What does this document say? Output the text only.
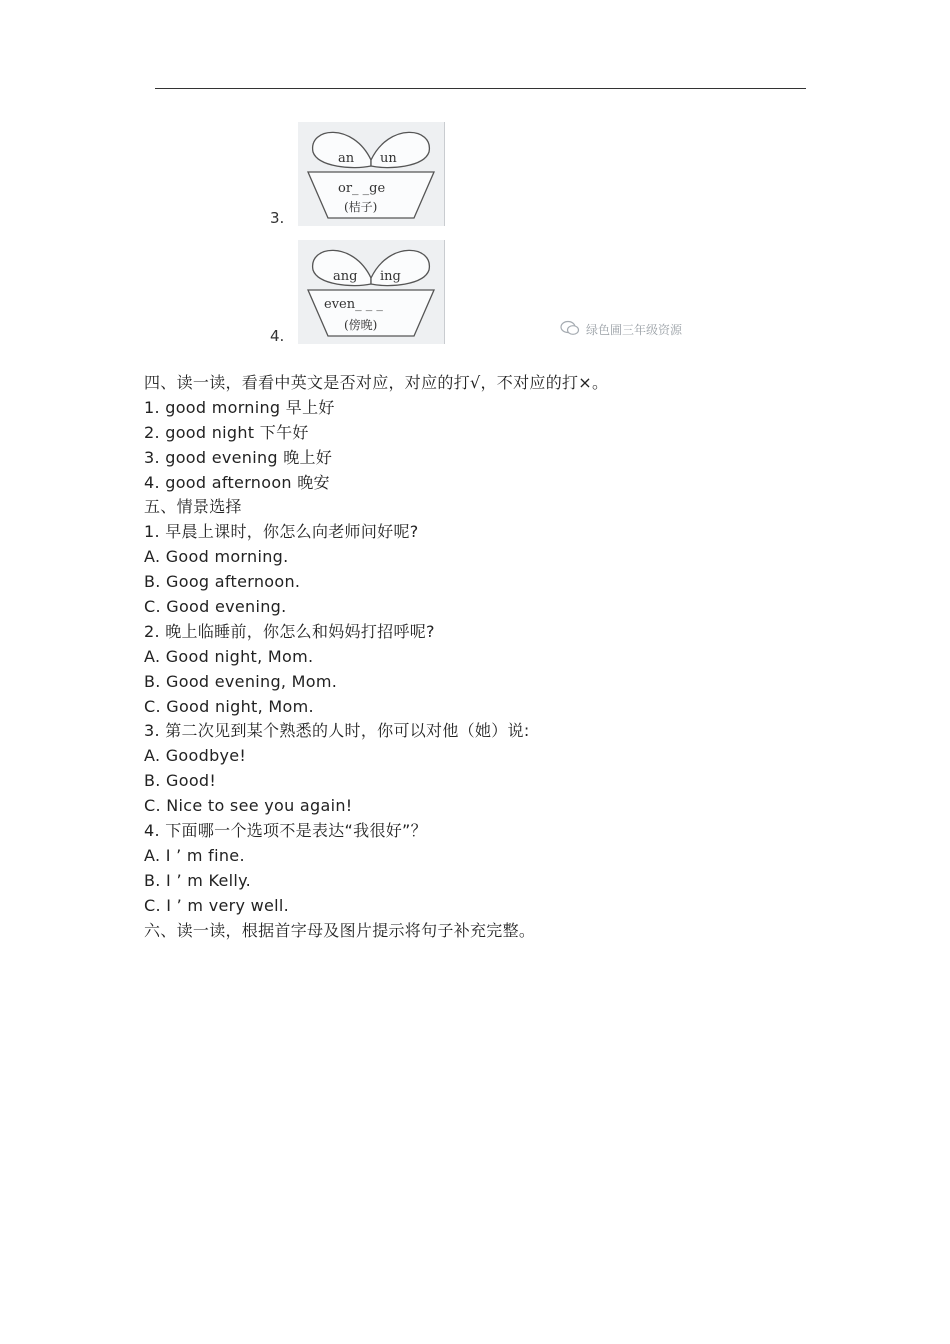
3.
an un
or_ _ge
(桔子)
4.
ang ing
even_ _ _
(傍晚)	绿色圃三年级资源
四、读一读，看看中英文是否对应，对应的打√，不对应的打×。
1. good morning 早上好
2. good night 下午好
3. good evening 晚上好
4. good afternoon 晚安
五、情景选择
1. 早晨上课时，你怎么向老师问好呢?
A. Good morning.
B. Goog afternoon.
C. Good evening.
2. 晚上临睡前，你怎么和妈妈打招呼呢?
A. Good night, Mom.
B. Good evening, Mom.
C. Good night, Mom.
3. 第二次见到某个熟悉的人时，你可以对他（她）说:
A. Goodbye!
B. Good!
C. Nice to see you again!
4. 下面哪一个选项不是表达“我很好”？
A. I ’ m fine.
B. I ’ m Kelly.
C. I ’ m very well.
六、读一读，根据首字母及图片提示将句子补充完整。
